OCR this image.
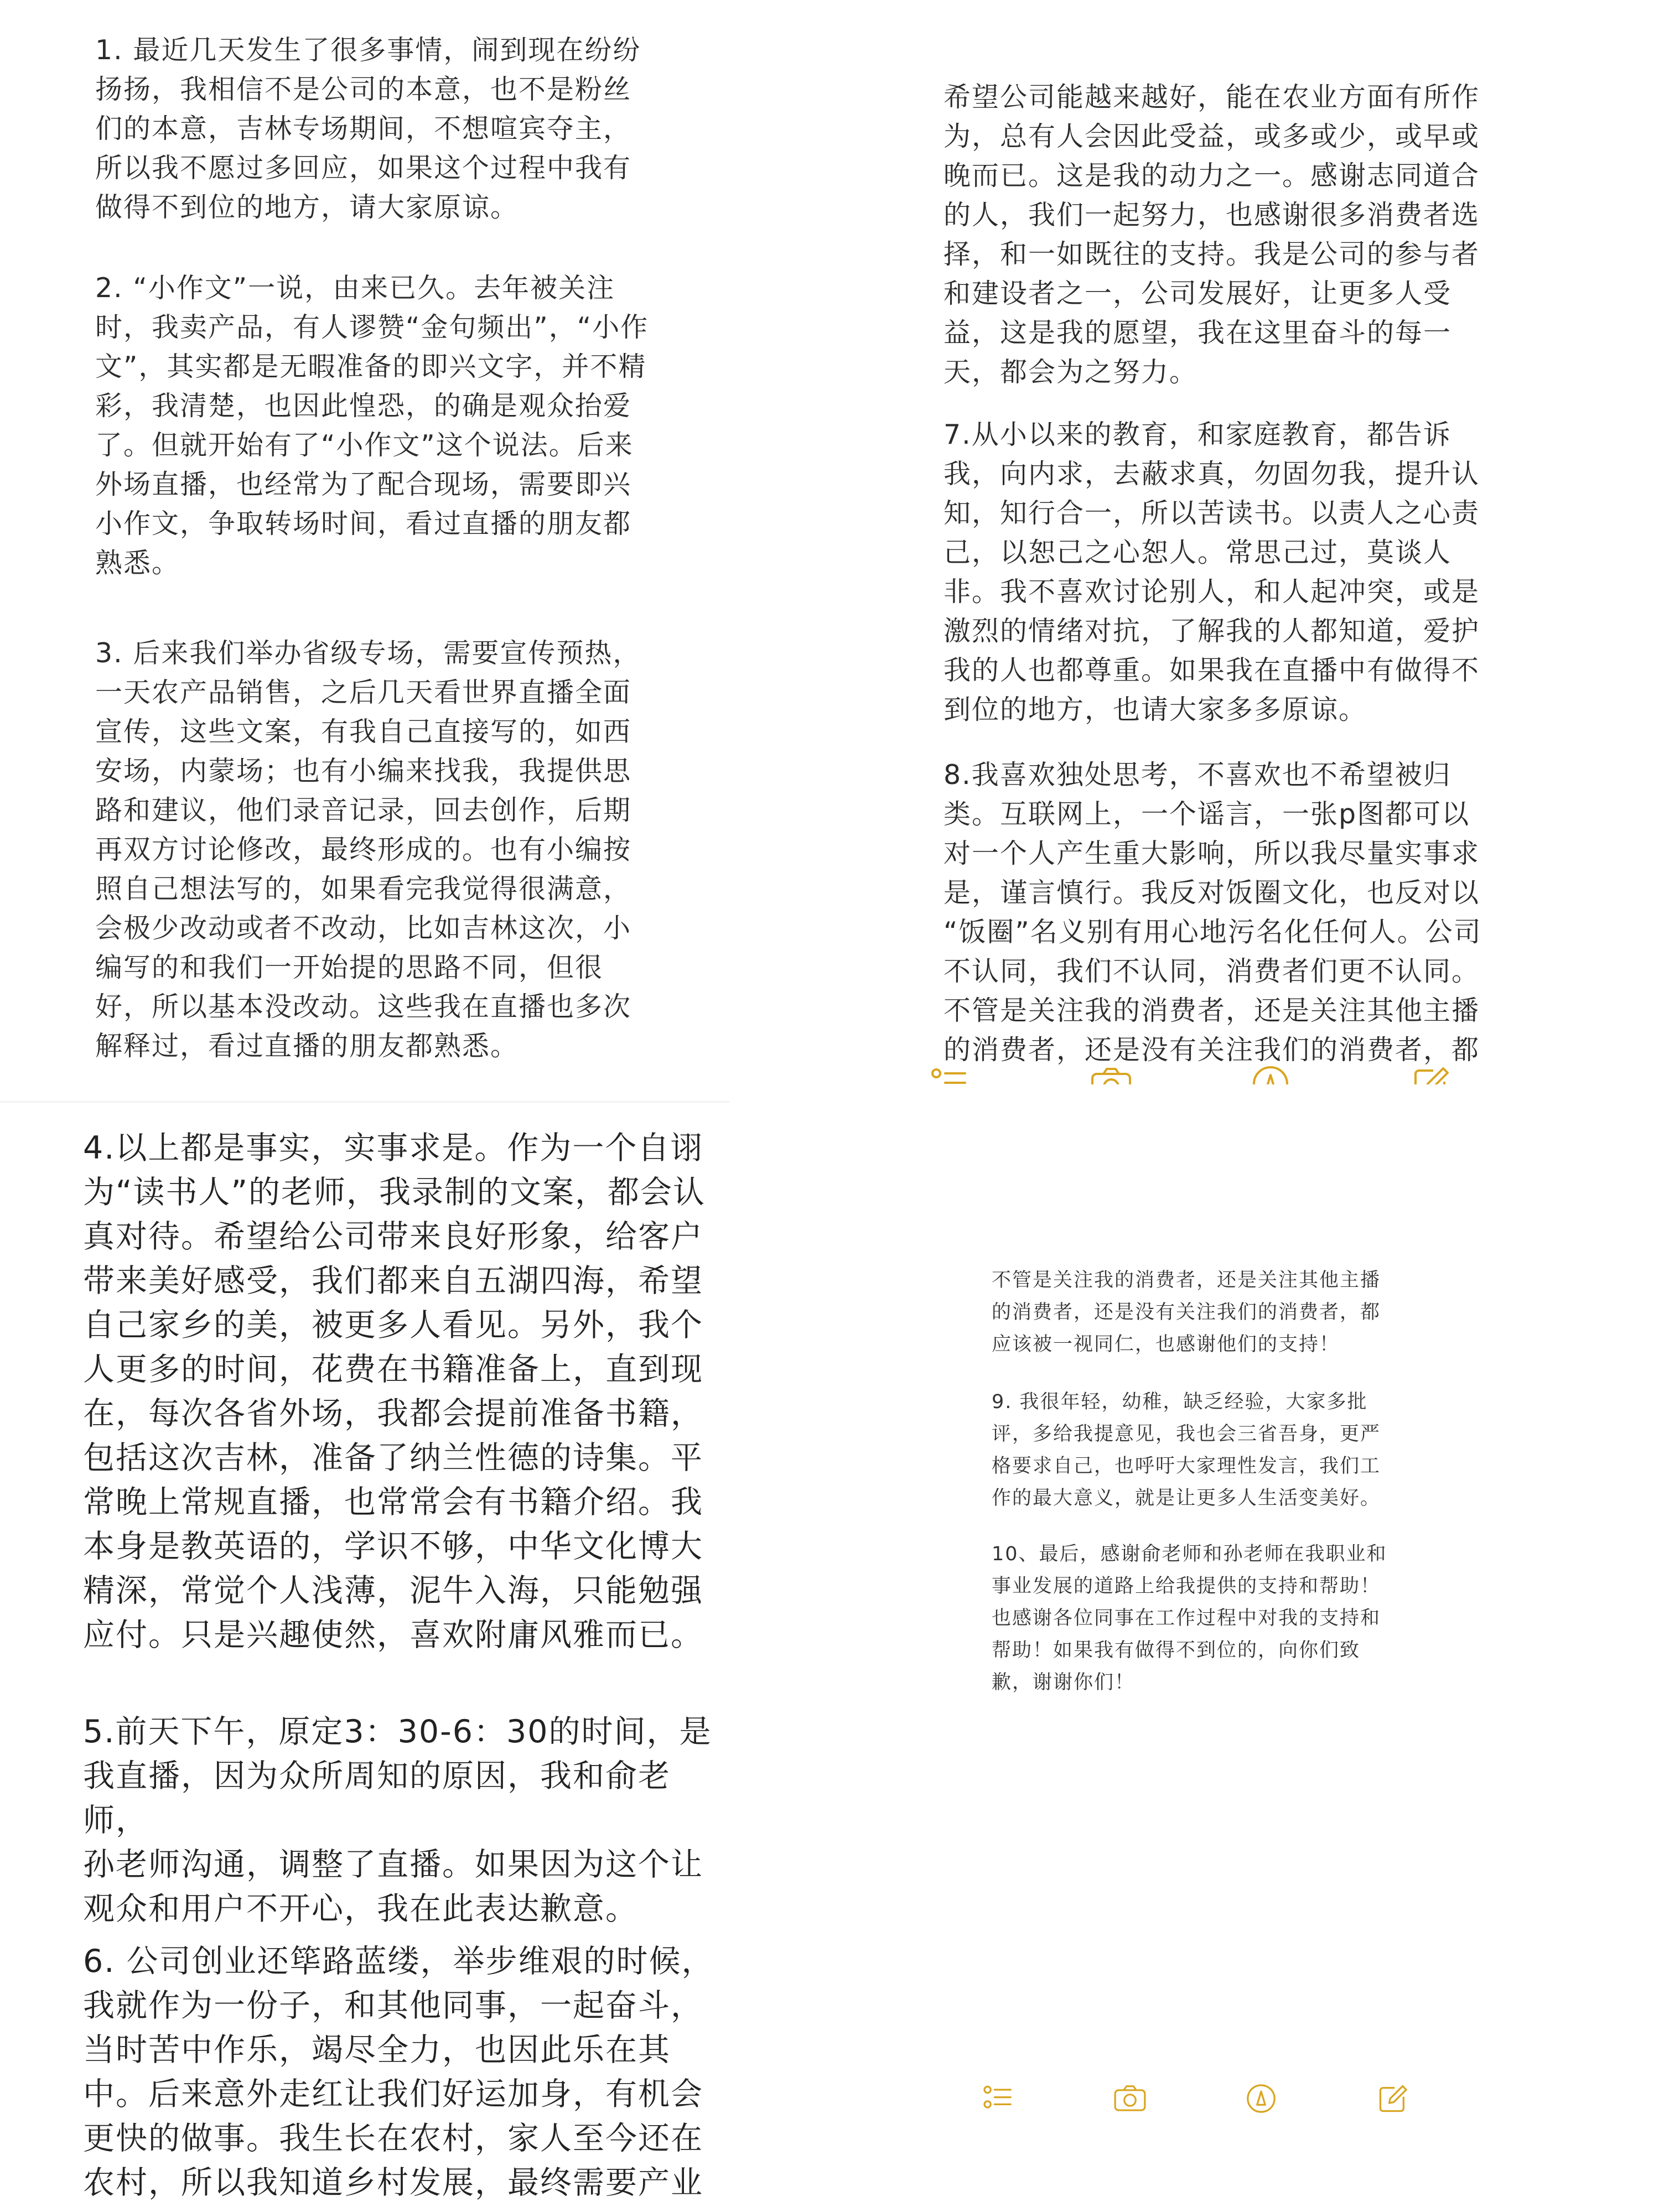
1. 最近几天发生了很多事情，闹到现在纷纷
扬扬，我相信不是公司的本意，也不是粉丝
们的本意，吉林专场期间，不想喧宾夺主，
所以我不愿过多回应，如果这个过程中我有
做得不到位的地方，请大家原谅。

2. “小作文”一说，由来已久。去年被关注
时，我卖产品，有人谬赞“金句频出”，“小作
文”，其实都是无暇准备的即兴文字，并不精
彩，我清楚，也因此惶恐，的确是观众抬爱
了。但就开始有了“小作文”这个说法。后来
外场直播，也经常为了配合现场，需要即兴
小作文，争取转场时间，看过直播的朋友都
熟悉。

3. 后来我们举办省级专场，需要宣传预热，
一天农产品销售，之后几天看世界直播全面
宣传，这些文案，有我自己直接写的，如西
安场，内蒙场；也有小编来找我，我提供思
路和建议，他们录音记录，回去创作，后期
再双方讨论修改，最终形成的。也有小编按
照自己想法写的，如果看完我觉得很满意，
会极少改动或者不改动，比如吉林这次，小
编写的和我们一开始提的思路不同，但很
好，所以基本没改动。这些我在直播也多次
解释过，看过直播的朋友都熟悉。

4.以上都是事实，实事求是。作为一个自诩
为“读书人”的老师，我录制的文案，都会认
真对待。希望给公司带来良好形象，给客户
带来美好感受，我们都来自五湖四海，希望
自己家乡的美，被更多人看见。另外，我个
人更多的时间，花费在书籍准备上，直到现
在，每次各省外场，我都会提前准备书籍，
包括这次吉林，准备了纳兰性德的诗集。平
常晚上常规直播，也常常会有书籍介绍。我
本身是教英语的，学识不够，中华文化博大
精深，常觉个人浅薄，泥牛入海，只能勉强
应付。只是兴趣使然，喜欢附庸风雅而已。

5.前天下午，原定3：30-6：30的时间，是
我直播，因为众所周知的原因，我和俞老师，
孙老师沟通，调整了直播。如果因为这个让
观众和用户不开心，我在此表达歉意。

6. 公司创业还筚路蓝缕，举步维艰的时候，
我就作为一份子，和其他同事，一起奋斗，
当时苦中作乐，竭尽全力，也因此乐在其
中。后来意外走红让我们好运加身，有机会
更快的做事。我生长在农村，家人至今还在
农村，所以我知道乡村发展，最终需要产业

希望公司能越来越好，能在农业方面有所作
为，总有人会因此受益，或多或少，或早或
晚而已。这是我的动力之一。感谢志同道合
的人，我们一起努力，也感谢很多消费者选
择，和一如既往的支持。我是公司的参与者
和建设者之一，公司发展好，让更多人受
益，这是我的愿望，我在这里奋斗的每一
天，都会为之努力。

7.从小以来的教育，和家庭教育，都告诉
我，向内求，去蔽求真，勿固勿我，提升认
知，知行合一，所以苦读书。以责人之心责
己，以恕己之心恕人。常思己过，莫谈人
非。我不喜欢讨论别人，和人起冲突，或是
激烈的情绪对抗，了解我的人都知道，爱护
我的人也都尊重。如果我在直播中有做得不
到位的地方，也请大家多多原谅。

8.我喜欢独处思考，不喜欢也不希望被归
类。互联网上，一个谣言，一张p图都可以
对一个人产生重大影响，所以我尽量实事求
是，谨言慎行。我反对饭圈文化，也反对以
“饭圈”名义别有用心地污名化任何人。公司
不认同，我们不认同，消费者们更不认同。
不管是关注我的消费者，还是关注其他主播
的消费者，还是没有关注我们的消费者，都

不管是关注我的消费者，还是关注其他主播
的消费者，还是没有关注我们的消费者，都
应该被一视同仁，也感谢他们的支持！

9. 我很年轻，幼稚，缺乏经验，大家多批
评，多给我提意见，我也会三省吾身，更严
格要求自己，也呼吁大家理性发言，我们工
作的最大意义，就是让更多人生活变美好。

10、最后，感谢俞老师和孙老师在我职业和
事业发展的道路上给我提供的支持和帮助！
也感谢各位同事在工作过程中对我的支持和
帮助！如果我有做得不到位的，向你们致
歉，谢谢你们！
